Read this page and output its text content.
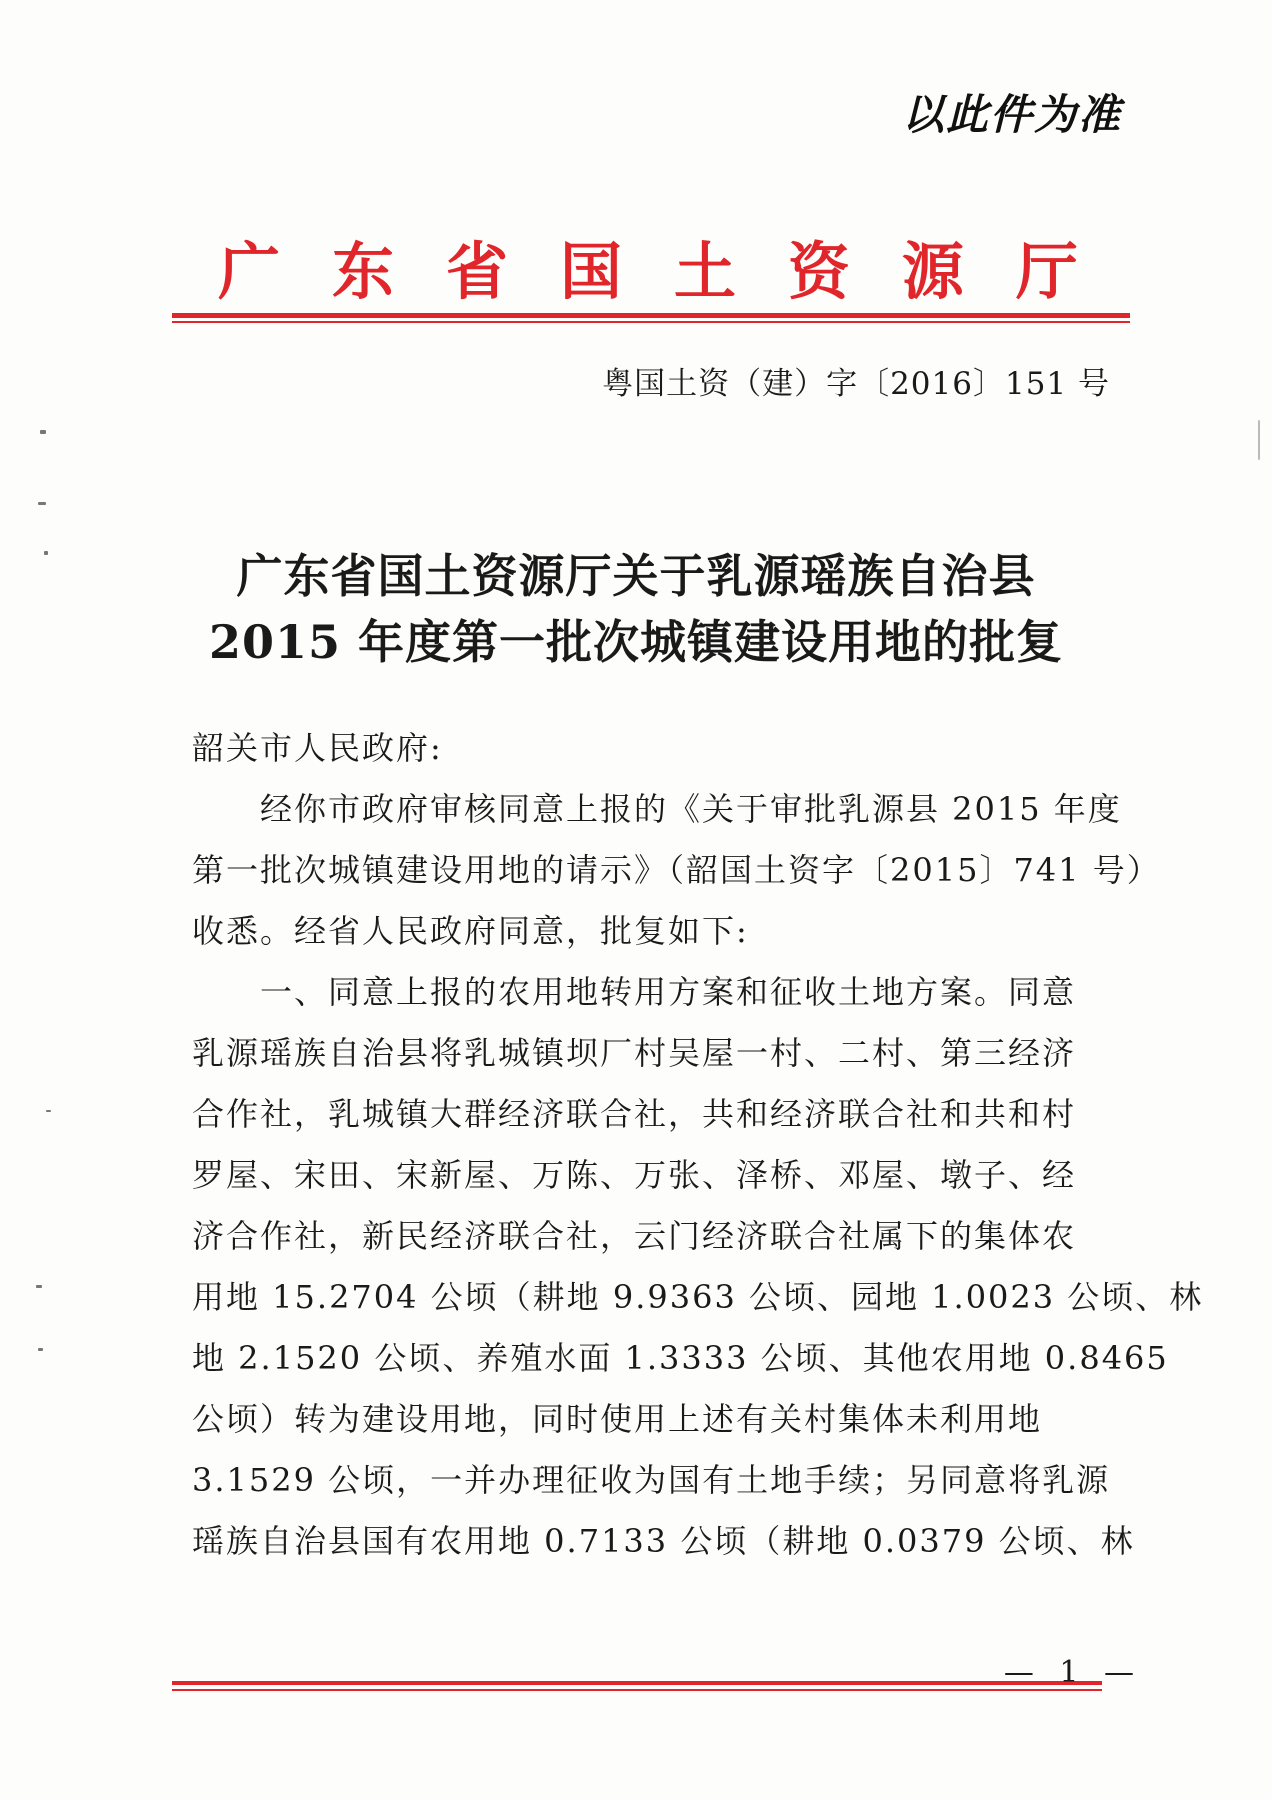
以此件为准
广 东 省 国 土 资 源 厅
粤国土资（建）字〔2016〕151 号
广东省国土资源厅关于乳源瑶族自治县
2015 年度第一批次城镇建设用地的批复
韶关市人民政府:
经你市政府审核同意上报的《关于审批乳源县 2015 年度
第一批次城镇建设用地的请示》（韶国土资字〔2015〕741 号）
收悉。经省人民政府同意，批复如下:
一、同意上报的农用地转用方案和征收土地方案。同意
乳源瑶族自治县将乳城镇坝厂村吴屋一村、二村、第三经济
合作社，乳城镇大群经济联合社，共和经济联合社和共和村
罗屋、宋田、宋新屋、万陈、万张、泽桥、邓屋、墩子、经
济合作社，新民经济联合社，云门经济联合社属下的集体农
用地 15.2704 公顷（耕地 9.9363 公顷、园地 1.0023 公顷、林
地 2.1520 公顷、养殖水面 1.3333 公顷、其他农用地 0.8465
公顷）转为建设用地，同时使用上述有关村集体未利用地
3.1529 公顷，一并办理征收为国有土地手续；另同意将乳源
瑶族自治县国有农用地 0.7133 公顷（耕地 0.0379 公顷、林
— 1 —
